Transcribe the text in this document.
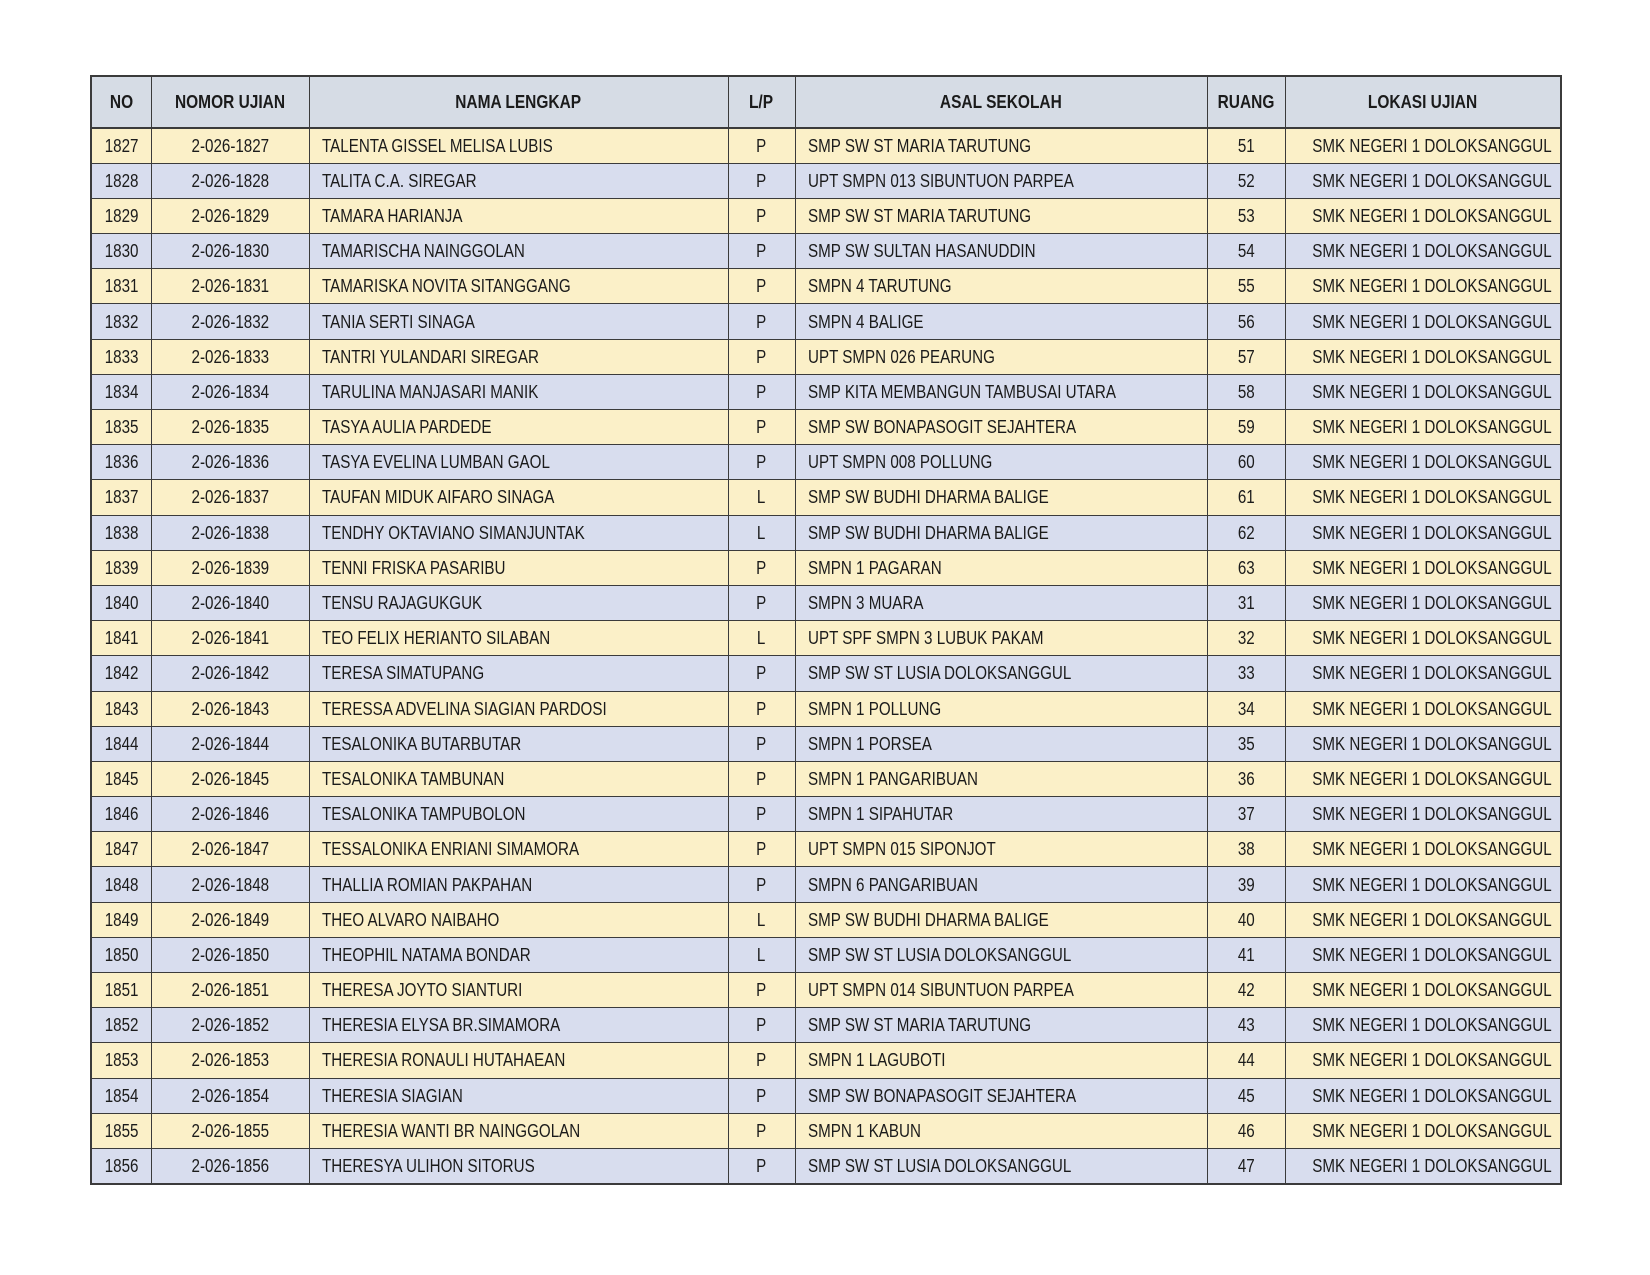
NO	NOMOR UJIAN	NAMA LENGKAP	L/P	ASAL SEKOLAH	RUANG	LOKASI UJIAN
1827	2-026-1827	TALENTA GISSEL MELISA LUBIS	P	SMP SW ST MARIA TARUTUNG	51	SMK NEGERI 1 DOLOKSANGGUL
1828	2-026-1828	TALITA C.A. SIREGAR	P	UPT SMPN 013 SIBUNTUON PARPEA	52	SMK NEGERI 1 DOLOKSANGGUL
1829	2-026-1829	TAMARA HARIANJA	P	SMP SW ST MARIA TARUTUNG	53	SMK NEGERI 1 DOLOKSANGGUL
1830	2-026-1830	TAMARISCHA NAINGGOLAN	P	SMP SW SULTAN HASANUDDIN	54	SMK NEGERI 1 DOLOKSANGGUL
1831	2-026-1831	TAMARISKA NOVITA SITANGGANG	P	SMPN 4 TARUTUNG	55	SMK NEGERI 1 DOLOKSANGGUL
1832	2-026-1832	TANIA SERTI SINAGA	P	SMPN 4 BALIGE	56	SMK NEGERI 1 DOLOKSANGGUL
1833	2-026-1833	TANTRI YULANDARI SIREGAR	P	UPT SMPN 026 PEARUNG	57	SMK NEGERI 1 DOLOKSANGGUL
1834	2-026-1834	TARULINA MANJASARI MANIK	P	SMP KITA MEMBANGUN TAMBUSAI UTARA	58	SMK NEGERI 1 DOLOKSANGGUL
1835	2-026-1835	TASYA AULIA PARDEDE	P	SMP SW BONAPASOGIT SEJAHTERA	59	SMK NEGERI 1 DOLOKSANGGUL
1836	2-026-1836	TASYA EVELINA LUMBAN GAOL	P	UPT SMPN 008 POLLUNG	60	SMK NEGERI 1 DOLOKSANGGUL
1837	2-026-1837	TAUFAN MIDUK AIFARO SINAGA	L	SMP SW BUDHI DHARMA BALIGE	61	SMK NEGERI 1 DOLOKSANGGUL
1838	2-026-1838	TENDHY OKTAVIANO SIMANJUNTAK	L	SMP SW BUDHI DHARMA BALIGE	62	SMK NEGERI 1 DOLOKSANGGUL
1839	2-026-1839	TENNI FRISKA PASARIBU	P	SMPN 1 PAGARAN	63	SMK NEGERI 1 DOLOKSANGGUL
1840	2-026-1840	TENSU RAJAGUKGUK	P	SMPN 3 MUARA	31	SMK NEGERI 1 DOLOKSANGGUL
1841	2-026-1841	TEO FELIX HERIANTO SILABAN	L	UPT SPF SMPN 3 LUBUK PAKAM	32	SMK NEGERI 1 DOLOKSANGGUL
1842	2-026-1842	TERESA SIMATUPANG	P	SMP SW ST LUSIA DOLOKSANGGUL	33	SMK NEGERI 1 DOLOKSANGGUL
1843	2-026-1843	TERESSA ADVELINA SIAGIAN PARDOSI	P	SMPN 1 POLLUNG	34	SMK NEGERI 1 DOLOKSANGGUL
1844	2-026-1844	TESALONIKA BUTARBUTAR	P	SMPN 1 PORSEA	35	SMK NEGERI 1 DOLOKSANGGUL
1845	2-026-1845	TESALONIKA TAMBUNAN	P	SMPN 1 PANGARIBUAN	36	SMK NEGERI 1 DOLOKSANGGUL
1846	2-026-1846	TESALONIKA TAMPUBOLON	P	SMPN 1 SIPAHUTAR	37	SMK NEGERI 1 DOLOKSANGGUL
1847	2-026-1847	TESSALONIKA ENRIANI SIMAMORA	P	UPT SMPN 015 SIPONJOT	38	SMK NEGERI 1 DOLOKSANGGUL
1848	2-026-1848	THALLIA ROMIAN PAKPAHAN	P	SMPN 6 PANGARIBUAN	39	SMK NEGERI 1 DOLOKSANGGUL
1849	2-026-1849	THEO ALVARO NAIBAHO	L	SMP SW BUDHI DHARMA BALIGE	40	SMK NEGERI 1 DOLOKSANGGUL
1850	2-026-1850	THEOPHIL NATAMA BONDAR	L	SMP SW ST LUSIA DOLOKSANGGUL	41	SMK NEGERI 1 DOLOKSANGGUL
1851	2-026-1851	THERESA JOYTO SIANTURI	P	UPT SMPN 014 SIBUNTUON PARPEA	42	SMK NEGERI 1 DOLOKSANGGUL
1852	2-026-1852	THERESIA ELYSA BR.SIMAMORA	P	SMP SW ST MARIA TARUTUNG	43	SMK NEGERI 1 DOLOKSANGGUL
1853	2-026-1853	THERESIA RONAULI HUTAHAEAN	P	SMPN 1 LAGUBOTI	44	SMK NEGERI 1 DOLOKSANGGUL
1854	2-026-1854	THERESIA SIAGIAN	P	SMP SW BONAPASOGIT SEJAHTERA	45	SMK NEGERI 1 DOLOKSANGGUL
1855	2-026-1855	THERESIA WANTI BR NAINGGOLAN	P	SMPN 1 KABUN	46	SMK NEGERI 1 DOLOKSANGGUL
1856	2-026-1856	THERESYA ULIHON SITORUS	P	SMP SW ST LUSIA DOLOKSANGGUL	47	SMK NEGERI 1 DOLOKSANGGUL
